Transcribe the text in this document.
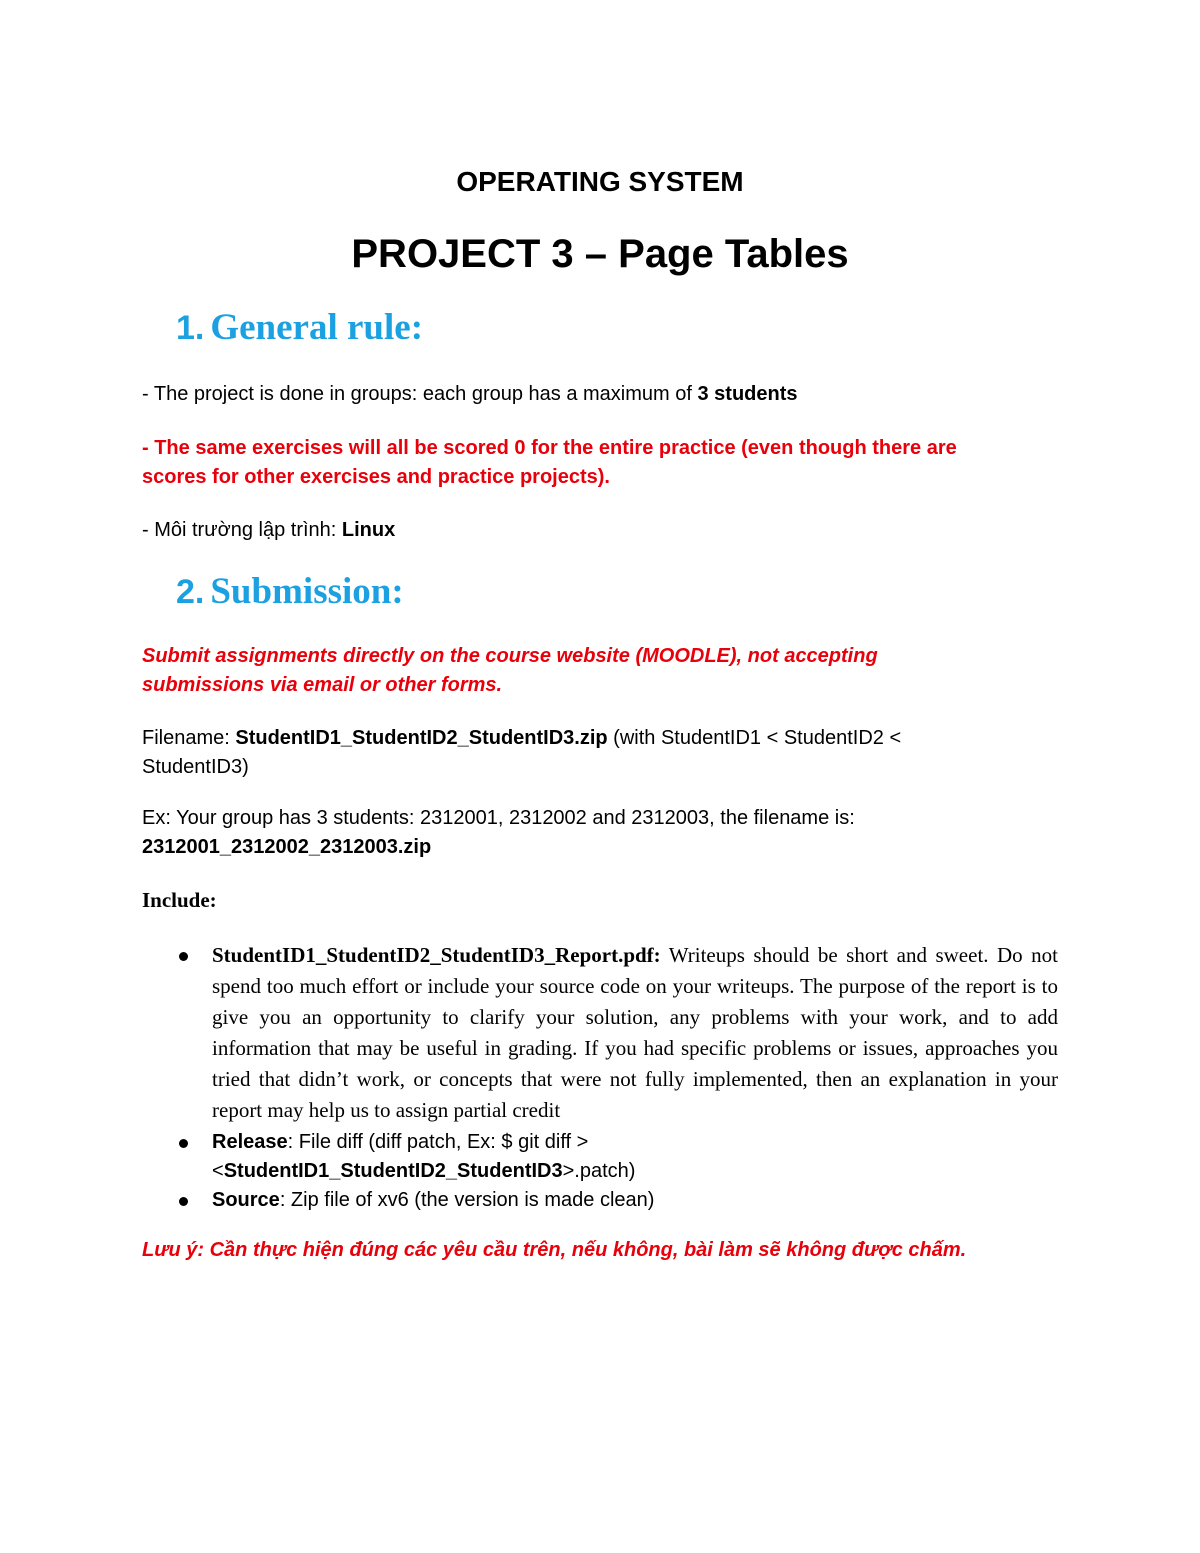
OPERATING SYSTEM
PROJECT 3 – Page Tables
1. General rule:
- The project is done in groups: each group has a maximum of 3 students
- The same exercises will all be scored 0 for the entire practice (even though there are
scores for other exercises and practice projects).
- Môi trường lập trình: Linux
2. Submission:
Submit assignments directly on the course website (MOODLE), not accepting
submissions via email or other forms.
Filename: StudentID1_StudentID2_StudentID3.zip (with StudentID1 < StudentID2 <
StudentID3)
Ex: Your group has 3 students: 2312001, 2312002 and 2312003, the filename is:
2312001_2312002_2312003.zip
Include:
StudentID1_StudentID2_StudentID3_Report.pdf: Writeups should be short and sweet. Do not spend too much effort or include your source code on your writeups. The purpose of the report is to give you an opportunity to clarify your solution, any problems with your work, and to add information that may be useful in grading. If you had specific problems or issues, approaches you tried that didn’t work, or concepts that were not fully implemented, then an explanation in your report may help us to assign partial credit
Release: File diff (diff patch, Ex: $ git diff >
<StudentID1_StudentID2_StudentID3>.patch)
Source: Zip file of xv6 (the version is made clean)
Lưu ý: Cần thực hiện đúng các yêu cầu trên, nếu không, bài làm sẽ không được chấm.
